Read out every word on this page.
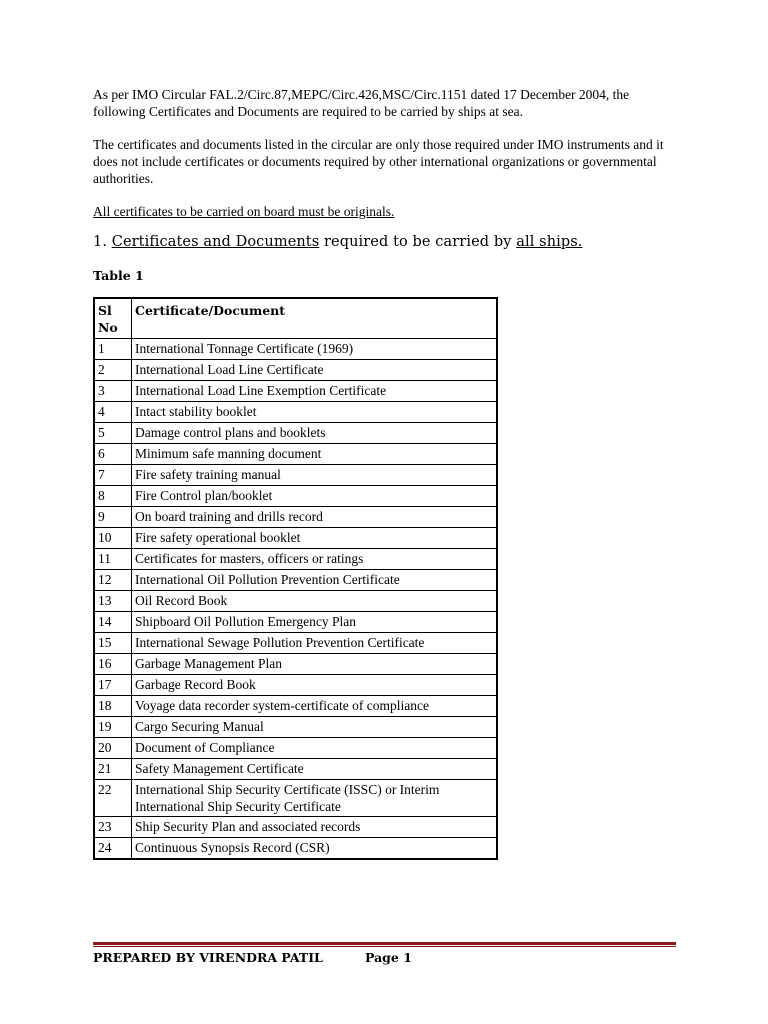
As per IMO Circular FAL.2/Circ.87,MEPC/Circ.426,MSC/Circ.1151 dated 17 December 2004, the following Certificates and Documents are required to be carried by ships at sea.

The certificates and documents listed in the circular are only those required under IMO instruments and it does not include certificates or documents required by other international organizations or governmental authorities.

All certificates to be carried on board must be originals.

1. Certificates and Documents required to be carried by all ships.
Table 1
Sl No	Certificate/Document
1	International Tonnage Certificate (1969)
2	International Load Line Certificate
3	International Load Line Exemption Certificate
4	Intact stability booklet
5	Damage control plans and booklets
6	Minimum safe manning document
7	Fire safety training manual
8	Fire Control plan/booklet
9	On board training and drills record
10	Fire safety operational booklet
11	Certificates for masters, officers or ratings
12	International Oil Pollution Prevention Certificate
13	Oil Record Book
14	Shipboard Oil Pollution Emergency Plan
15	International Sewage Pollution Prevention Certificate
16	Garbage Management Plan
17	Garbage Record Book
18	Voyage data recorder system-certificate of compliance
19	Cargo Securing Manual
20	Document of Compliance
21	Safety Management Certificate
22	International Ship Security Certificate (ISSC) or Interim International Ship Security Certificate
23	Ship Security Plan and associated records
24	Continuous Synopsis Record (CSR)
PREPARED BY VIRENDRA PATIL	Page 1
